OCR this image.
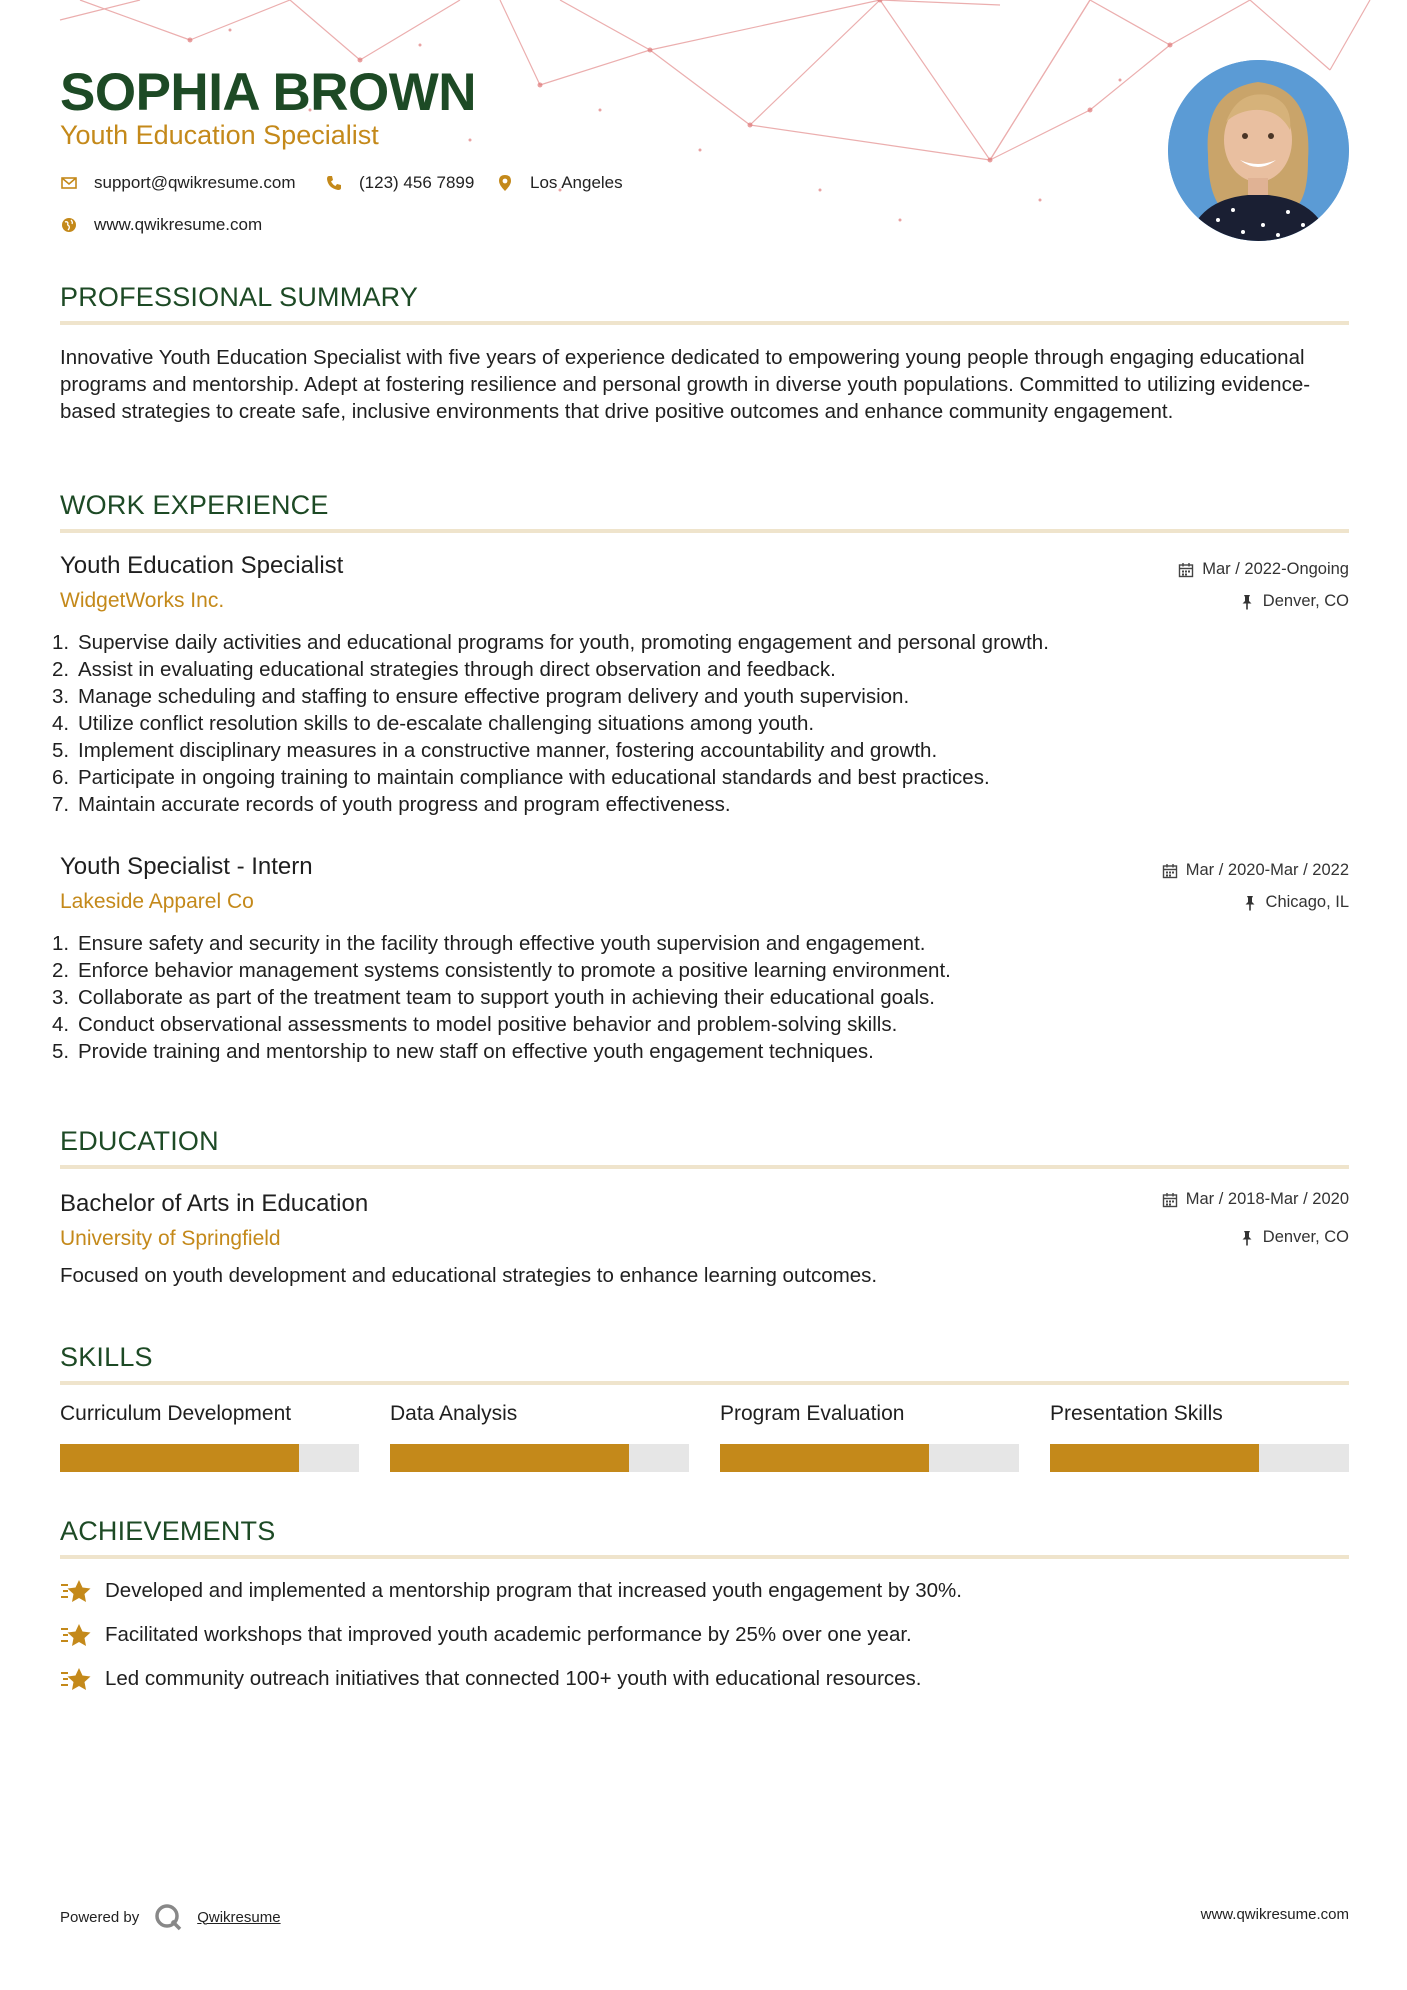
SOPHIA BROWN
Youth Education Specialist
support@qwikresume.com	(123) 456 7899	Los Angeles
www.qwikresume.com
PROFESSIONAL SUMMARY
Innovative Youth Education Specialist with five years of experience dedicated to empowering young people through engaging educational programs and mentorship. Adept at fostering resilience and personal growth in diverse youth populations. Committed to utilizing evidence-based strategies to create safe, inclusive environments that drive positive outcomes and enhance community engagement.
WORK EXPERIENCE
Youth Education Specialist
WidgetWorks Inc.
Mar / 2022-Ongoing
Denver, CO
1. Supervise daily activities and educational programs for youth, promoting engagement and personal growth.
2. Assist in evaluating educational strategies through direct observation and feedback.
3. Manage scheduling and staffing to ensure effective program delivery and youth supervision.
4. Utilize conflict resolution skills to de-escalate challenging situations among youth.
5. Implement disciplinary measures in a constructive manner, fostering accountability and growth.
6. Participate in ongoing training to maintain compliance with educational standards and best practices.
7. Maintain accurate records of youth progress and program effectiveness.
Youth Specialist - Intern
Lakeside Apparel Co
Mar / 2020-Mar / 2022
Chicago, IL
1. Ensure safety and security in the facility through effective youth supervision and engagement.
2. Enforce behavior management systems consistently to promote a positive learning environment.
3. Collaborate as part of the treatment team to support youth in achieving their educational goals.
4. Conduct observational assessments to model positive behavior and problem-solving skills.
5. Provide training and mentorship to new staff on effective youth engagement techniques.
EDUCATION
Bachelor of Arts in Education
University of Springfield
Mar / 2018-Mar / 2020
Denver, CO
Focused on youth development and educational strategies to enhance learning outcomes.
SKILLS
Curriculum Development	Data Analysis	Program Evaluation	Presentation Skills
ACHIEVEMENTS
Developed and implemented a mentorship program that increased youth engagement by 30%.
Facilitated workshops that improved youth academic performance by 25% over one year.
Led community outreach initiatives that connected 100+ youth with educational resources.
Powered by	Qwikresume	www.qwikresume.com
